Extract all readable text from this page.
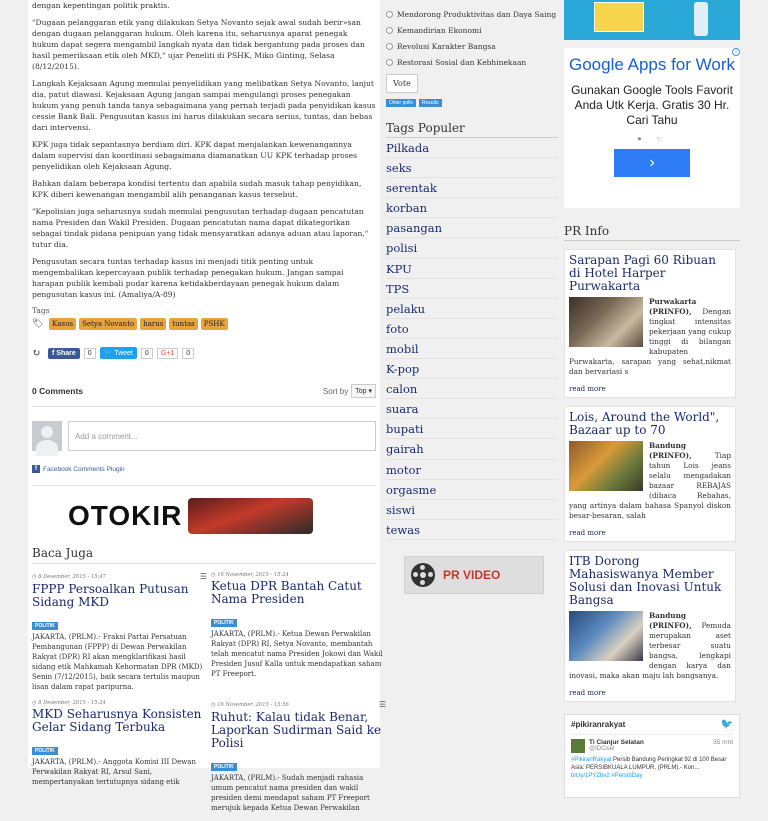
dengan kepentingan politik praktis.

"Dugaan pelanggaran etik yang dilakukan Setya Novanto sejak awal sudah berir»san dengan dugaan pelanggaran hukum. Oleh karena itu, seharusnya aparat penegak hukum dapat segera mengambil langkah nyata dan tidak bergantung pada proses dan hasil pemeriksaan etik oleh MKD," ujar Peneliti di PSHK, Miko Ginting, Selasa (8/12/2015).

Langkah Kejaksaan Agung memulai penyelidikan yang melibatkan Setya Novanto, lanjut dia, patut diawasi. Kejaksaan Agung jangan sampai mengulangi proses penegakan hukum yang penuh tanda tanya sebagaimana yang pernah terjadi pada penyidikan kasus cessie Bank Bali. Pengusutan kasus ini harus dilakukan secara serius, tuntas, dan bebas dari intervensi.

KPK juga tidak sepantasnya berdiam diri. KPK dapat menjalankan kewenangannya dalam supervisi dan koordinasi sebagaimana diamanatkan UU KPK terhadap proses penyelidikan oleh Kejaksaan Agung.

Bahkan dalam beberapa kondisi tertentu dan apabila sudah masuk tahap penyidikan, KPK diberi kewenangan mengambil alih penanganan kasus tersebut.

"Kepolisian juga seharusnya sudah memulai pengusutan terhadap dugaan pencatutan nama Presiden dan Wakil Presiden. Dugaan pencatutan nama dapat dikategorikan sebagai tindak pidana penipuan yang tidak mensyaratkan adanya aduan atau laporan," tutur dia.

Pengusutan secara tuntas terhadap kasus ini menjadi titik penting untuk mengembalikan kepercayaan publik terhadap penegakan hukum. Jangan sampai harapan publik kembali pudar karena ketidakberdayaan penegak hukum dalam pengusutan kasus ini. (Amaliya/A-89)

Tags
🏷	Kasus	Setya Novanto	harus	tuntas	PSHK
↻	f Share	0	🐦 Tweet	0	G+1	0
0 Comments	Sort by	Top ▾
Add a comment...
f Facebook Comments Plugin
OTOKIR
Baca Juga
◷ 8 Desember, 2015 - 15:47	☰
FPPP Persoalkan Putusan Sidang MKD
POLITIK
JAKARTA, (PRLM).- Fraksi Partai Persatuan Pembangunan (FPPP) di Dewan Perwakilan Rakyat (DPR) RI akan mengklarifikasi hasil sidang etik Mahkamah Kehormatan DPR (MKD) Senin (7/12/2015), baik secara tertulis maupun lisan dalam rapat paripurna.
◷ 16 November, 2015 - 15:24
Ketua DPR Bantah Catut Nama Presiden
POLITIK
JAKARTA, (PRLM).- Ketua Dewan Perwakilan Rakyat (DPR) RI, Setya Novanto, membantah telah mencatut nama Presiden Jokowi dan Wakil Presiden Jusuf Kalla untuk mendapatkan saham PT Freeport.
◷ 8 Desember, 2015 - 15:24
MKD Seharusnya Konsisten Gelar Sidang Terbuka
POLITIK
JAKARTA, (PRLM).- Anggota Komisi III Dewan Perwakilan Rakyat RI, Arsul Sani, mempertanyakan tertutupnya sidang etik
◷ 16 November, 2015 - 15:56	☰
Ruhut: Kalau tidak Benar, Laporkan Sudirman Said ke Polisi
POLITIK
JAKARTA, (PRLM).- Sudah menjadi rahasia umum pencatut nama presiden dan wakil presiden demi mendapat saham PT Freeport merujuk kepada Ketua Dewan Perwakilan
Mendorong Produktivitas dan Daya Saing
Kemandirian Ekonomi
Revolusi Karakter Bangsa
Restorasi Sosial dan Kebhinekaan
Vote
Older polls	Results
Tags Populer
Pilkada
seks
serentak
korban
pasangan
polisi
KPU
TPS
pelaku
foto
mobil
K-pop
calon
suara
bupati
gairah
motor
orgasme
siswi
tewas
PR VIDEO
i
Google Apps for Work
Gunakan Google Tools Favorit Anda Utk Kerja. Gratis 30 Hr. Cari Tahu
● ○
›
PR Info
Sarapan Pagi 60 Ribuan di Hotel Harper Purwakarta
Purwakarta (PRINFO), Dengan tingkat intensitas pekerjaan yang cukup tinggi di bilangan kabupaten Purwakarta, sarapan yang sehat,nikmat dan bervariasi s
read more
Lois, Around the World", Bazaar up to 70
Bandung (PRINFO),	Tiap tahun Lois jeans selalu mengadakan bazaar REBAJAS (dibaca Rebahas, yang artinya dalam bahasa Spanyol diskon besar-besaran, salah
read more
ITB Dorong Mahasiswanya Member Solusi dan Inovasi Untuk Bangsa
Bandung (PRINFO), Pemuda merupakan aset terbesar suatu bangsa, lengkapi dengan karya dan inovasi, maka akan maju lah bangsanya.
read more
#pikiranrakyat	🐦
Ti Cianjur Selatan
@IDCisel
35 mnt
#PikiranRakyat Persib Bandung Peringkat 92 di 100 Besar Asia: PERSIBKUALA LUMPUR, (PRLM).- Kon... bit.ly/1PYZhv2 #PersibDay
